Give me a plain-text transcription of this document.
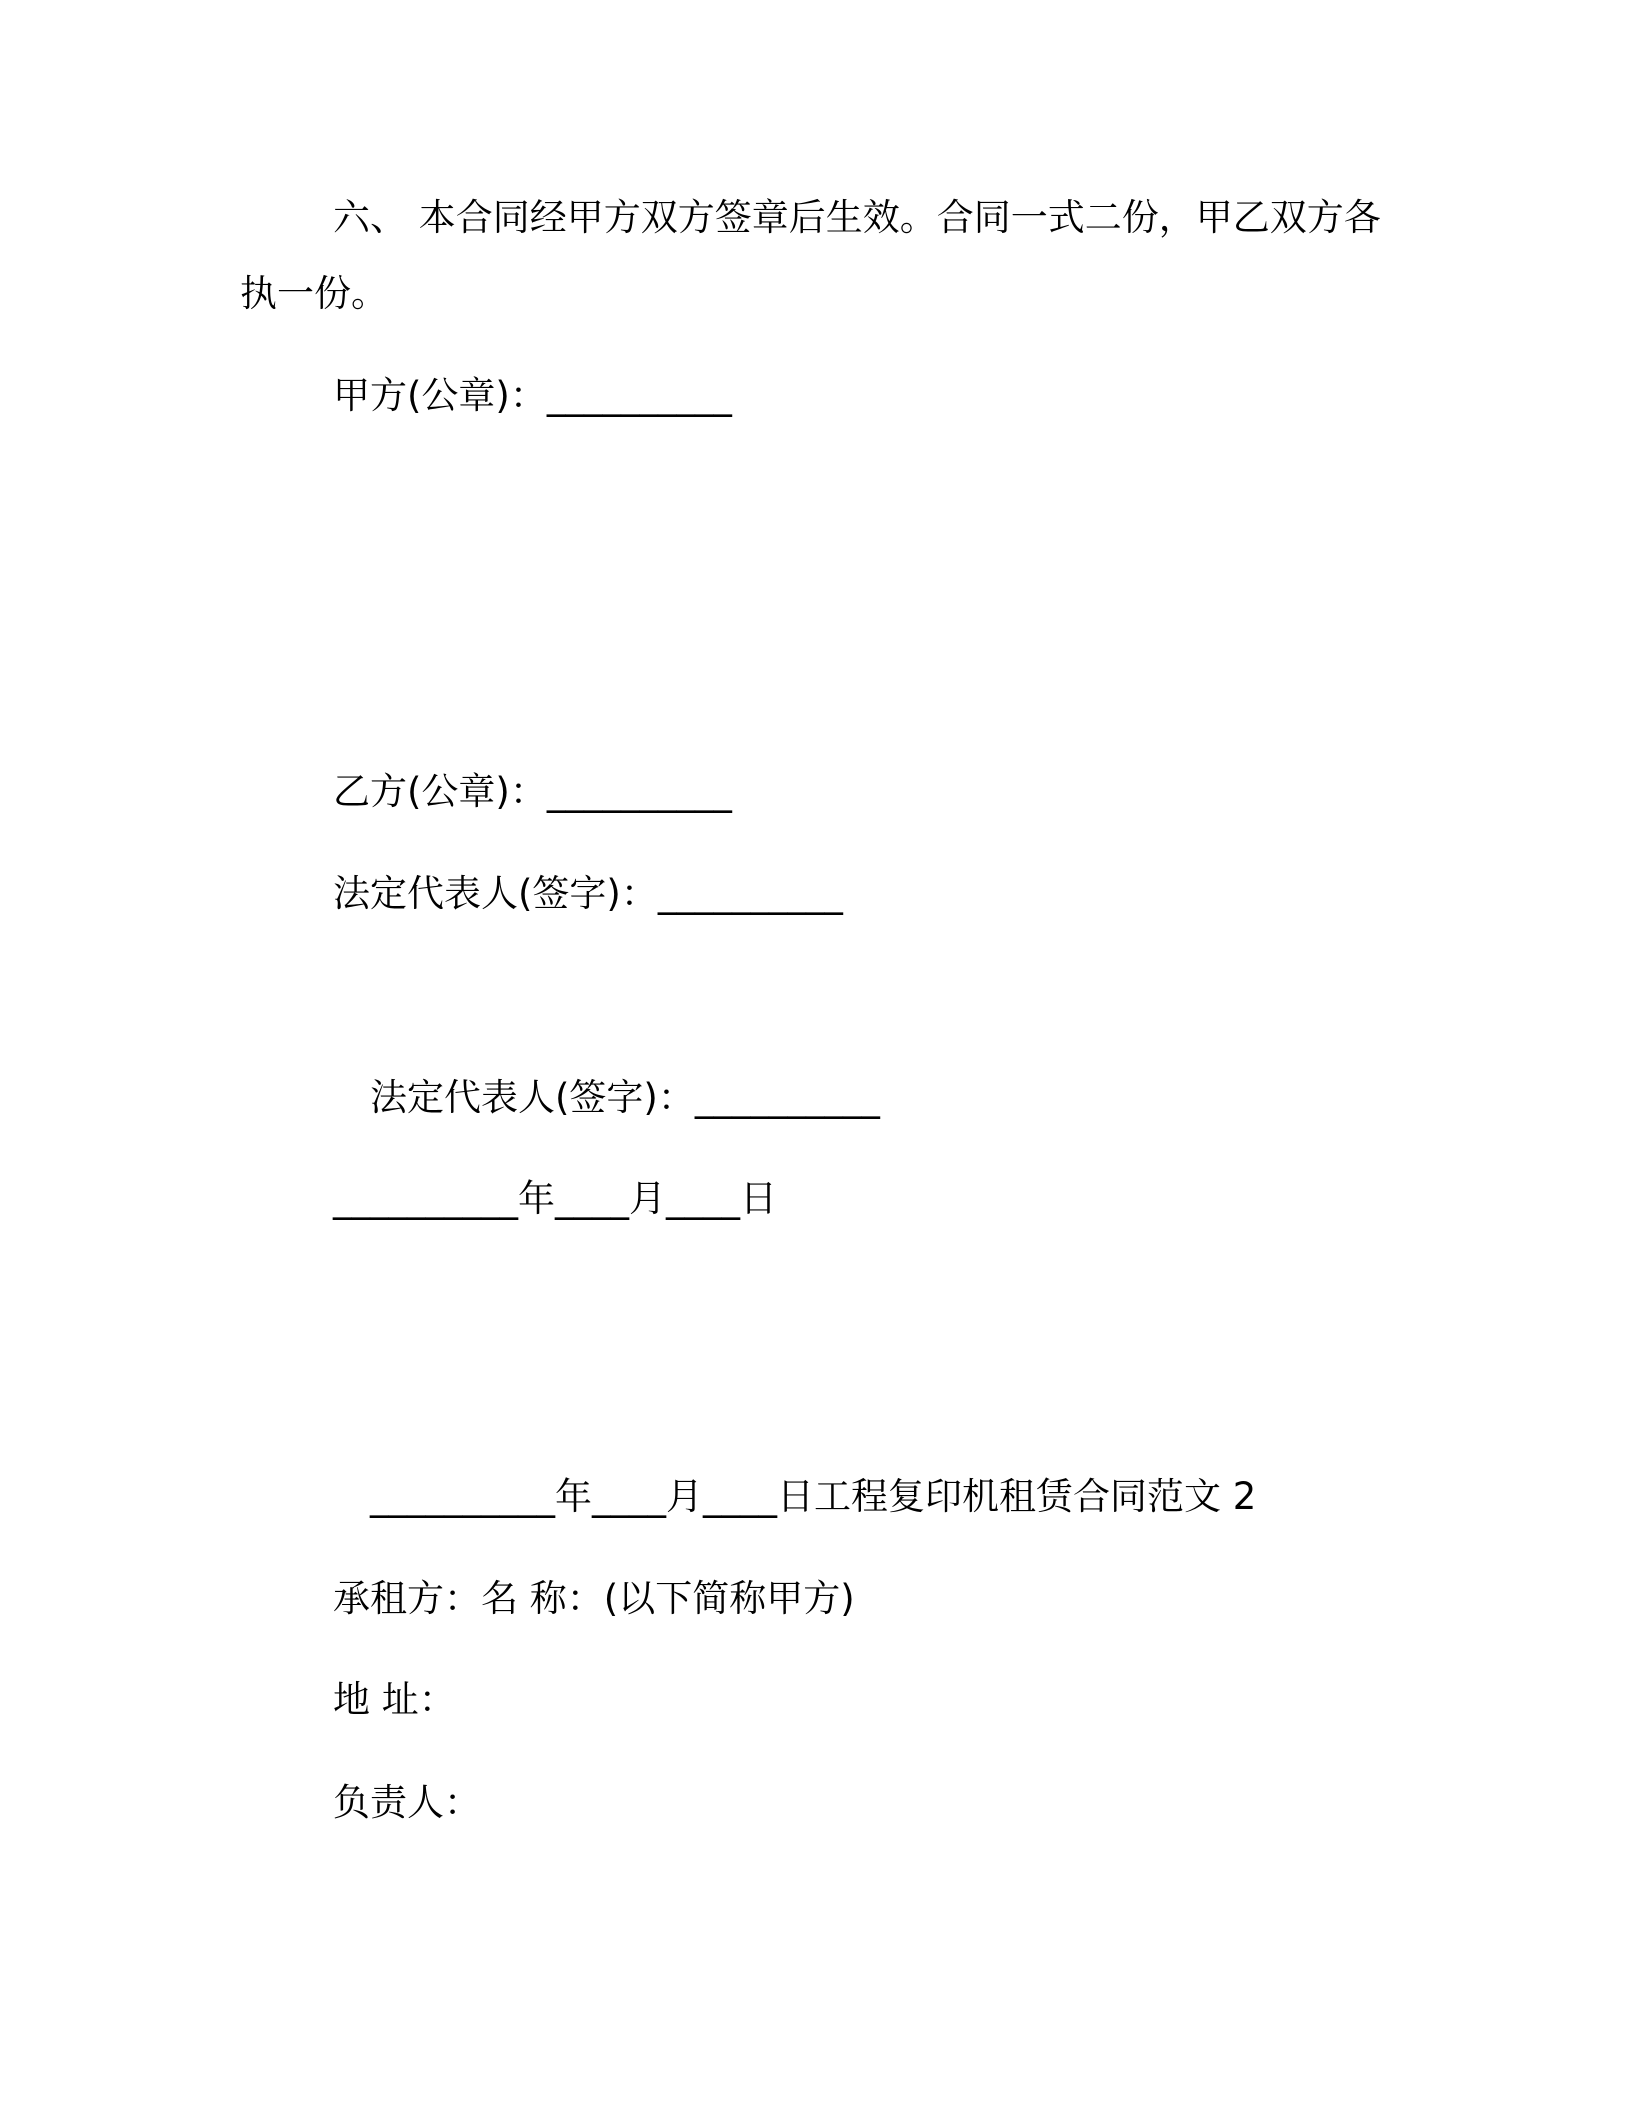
六、 本合同经甲方双方签章后生效。合同一式二份，甲乙双方各
执一份。
甲方(公章)：__________
乙方(公章)：__________
法定代表人(签字)：__________
法定代表人(签字)：__________
__________年____月____日
__________年____月____日工程复印机租赁合同范文 2
承租方：名 称：(以下简称甲方)
地 址：
负责人：
